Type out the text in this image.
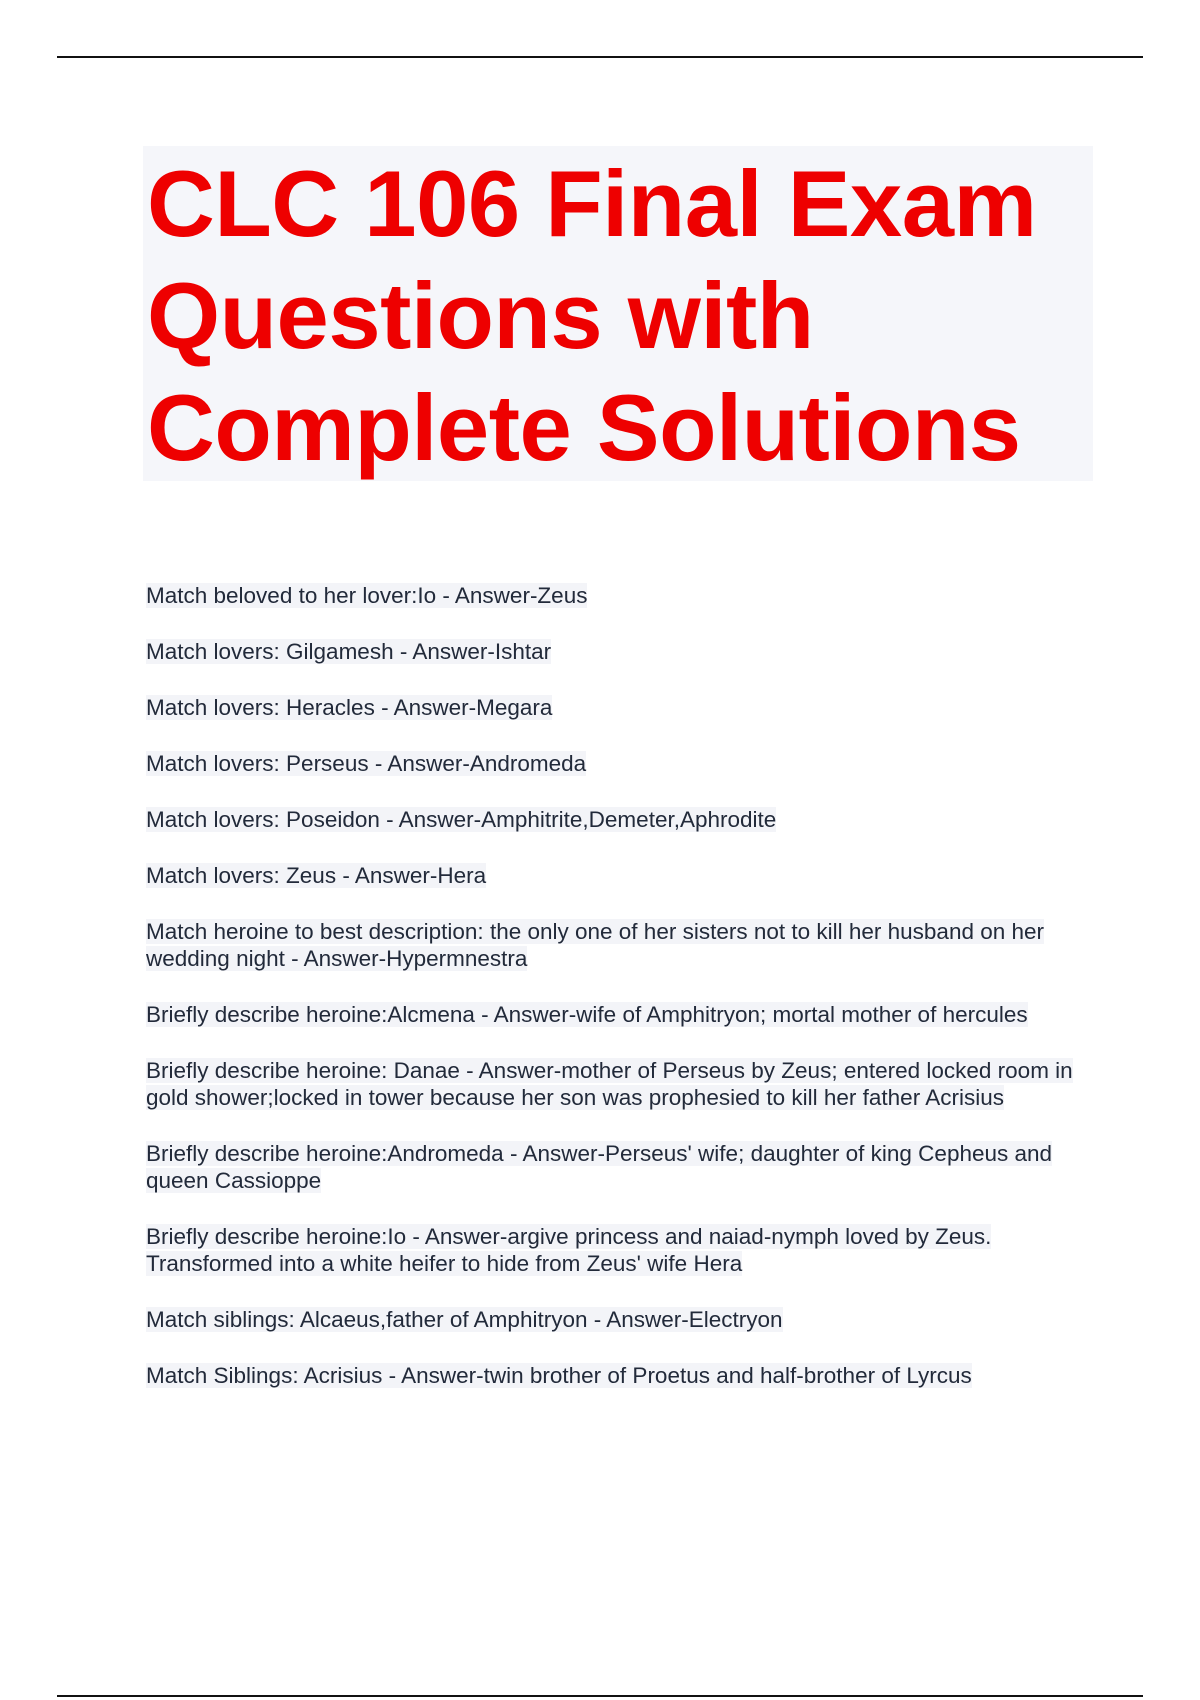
CLC 106 Final Exam Questions with Complete Solutions
Match beloved to her lover:Io - Answer-Zeus
Match lovers: Gilgamesh - Answer-Ishtar
Match lovers: Heracles - Answer-Megara
Match lovers: Perseus - Answer-Andromeda
Match lovers: Poseidon - Answer-Amphitrite,Demeter,Aphrodite
Match lovers: Zeus - Answer-Hera
Match heroine to best description: the only one of her sisters not to kill her husband on her wedding night - Answer-Hypermnestra
Briefly describe heroine:Alcmena - Answer-wife of Amphitryon; mortal mother of hercules
Briefly describe heroine: Danae - Answer-mother of Perseus by Zeus; entered locked room in gold shower;locked in tower because her son was prophesied to kill her father Acrisius
Briefly describe heroine:Andromeda - Answer-Perseus' wife; daughter of king Cepheus and queen Cassioppe
Briefly describe heroine:Io - Answer-argive princess and naiad-nymph loved by Zeus. Transformed into a white heifer to hide from Zeus' wife Hera
Match siblings: Alcaeus,father of Amphitryon - Answer-Electryon
Match Siblings: Acrisius - Answer-twin brother of Proetus and half-brother of Lyrcus
